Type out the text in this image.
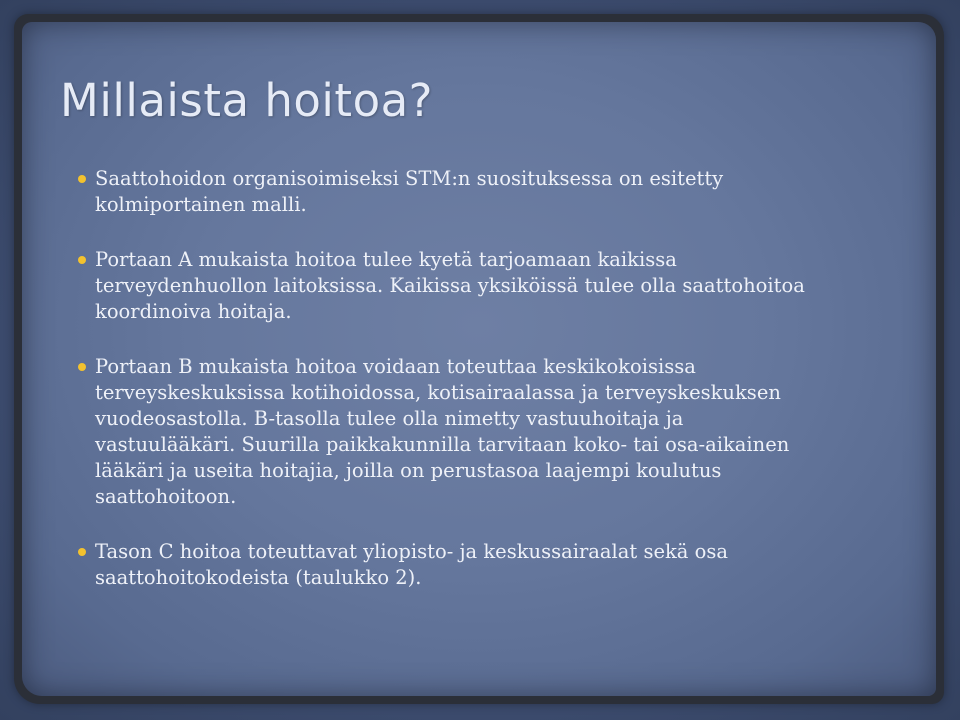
Millaista hoitoa?
Saattohoidon organisoimiseksi STM:n suosituksessa on esitetty kolmiportainen malli.
Portaan A mukaista hoitoa tulee kyetä tarjoamaan kaikissa terveydenhuollon laitoksissa. Kaikissa yksiköissä tulee olla saattohoitoa koordinoiva hoitaja.
Portaan B mukaista hoitoa voidaan toteuttaa keskikokoisissa terveyskeskuksissa kotihoidossa, kotisairaalassa ja terveyskeskuksen vuodeosastolla. B-tasolla tulee olla nimetty vastuuhoitaja ja vastuulääkäri. Suurilla paikkakunnilla tarvitaan koko- tai osa-aikainen lääkäri ja useita hoitajia, joilla on perustasoa laajempi koulutus saattohoitoon.
Tason C hoitoa toteuttavat yliopisto- ja keskussairaalat sekä osa saattohoitokodeista (taulukko 2).
